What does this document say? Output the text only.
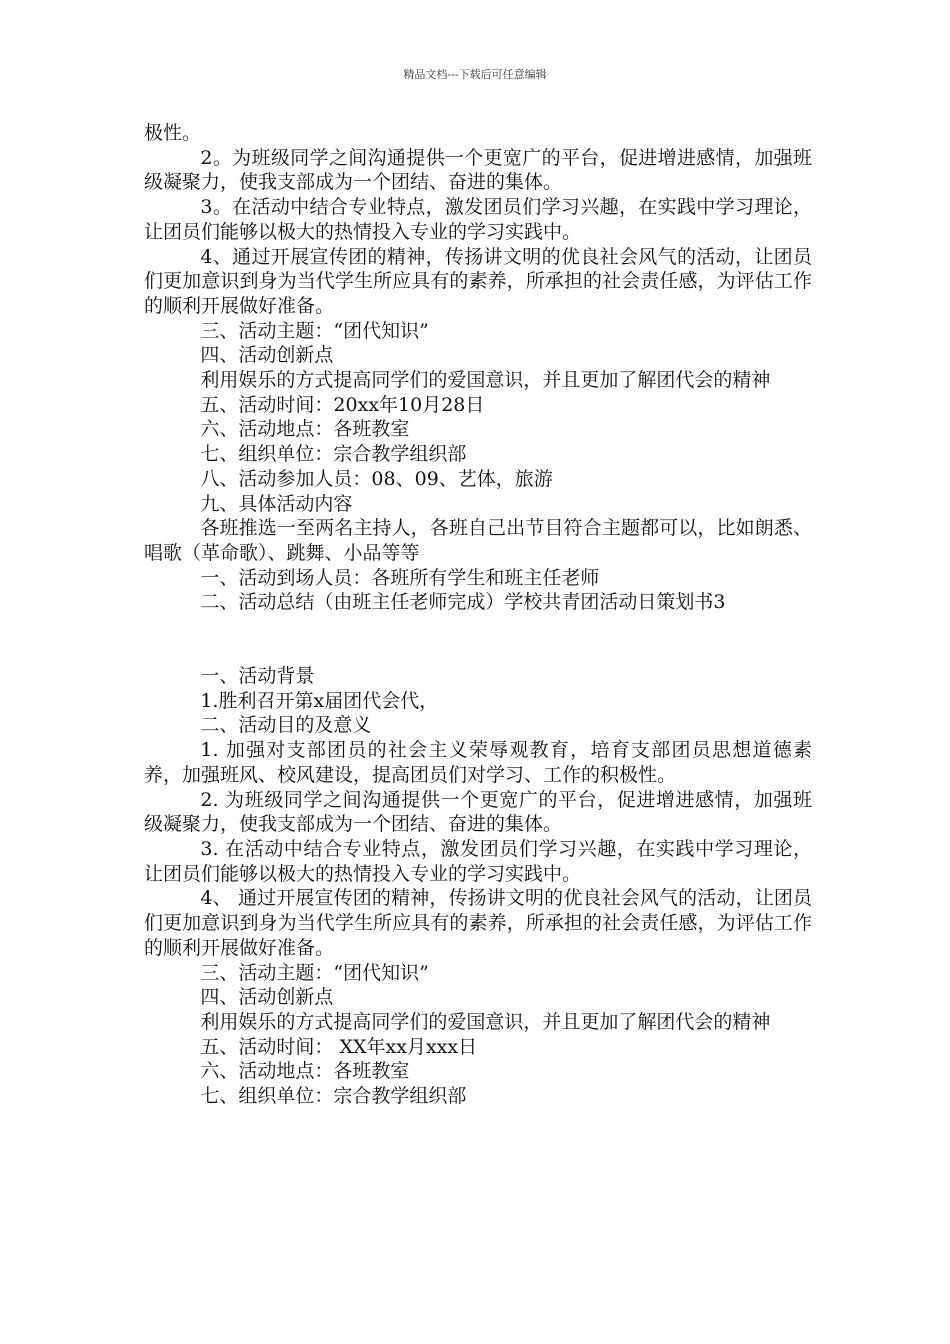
精品文档---下载后可任意编辑

极性。

2。为班级同学之间沟通提供一个更宽广的平台，促进增进感情，加强班级凝聚力，使我支部成为一个团结、奋进的集体。

3。在活动中结合专业特点，激发团员们学习兴趣，在实践中学习理论，让团员们能够以极大的热情投入专业的学习实践中。

4、通过开展宣传团的精神，传扬讲文明的优良社会风气的活动，让团员们更加意识到身为当代学生所应具有的素养，所承担的社会责任感，为评估工作的顺利开展做好准备。

三、活动主题：“团代知识”

四、活动创新点

利用娱乐的方式提高同学们的爱国意识，并且更加了解团代会的精神

五、活动时间：20xx年10月28日

六、活动地点：各班教室

七、组织单位：宗合教学组织部

八、活动参加人员：08、09、艺体，旅游

九、具体活动内容

各班推选一至两名主持人，各班自己出节目符合主题都可以，比如朗悉、唱歌（革命歌）、跳舞、小品等等

一、活动到场人员：各班所有学生和班主任老师

二、活动总结（由班主任老师完成）学校共青团活动日策划书3

一、活动背景

1.胜利召开第x届团代会代，

二、活动目的及意义

1. 加强对支部团员的社会主义荣辱观教育，培育支部团员思想道德素养，加强班风、校风建设，提高团员们对学习、工作的积极性。

2. 为班级同学之间沟通提供一个更宽广的平台，促进增进感情，加强班级凝聚力，使我支部成为一个团结、奋进的集体。

3. 在活动中结合专业特点，激发团员们学习兴趣，在实践中学习理论，让团员们能够以极大的热情投入专业的学习实践中。

4、 通过开展宣传团的精神，传扬讲文明的优良社会风气的活动，让团员们更加意识到身为当代学生所应具有的素养，所承担的社会责任感，为评估工作的顺利开展做好准备。

三、活动主题：“团代知识”

四、活动创新点

利用娱乐的方式提高同学们的爱国意识，并且更加了解团代会的精神

五、活动时间： XX年xx月xxx日

六、活动地点：各班教室

七、组织单位：宗合教学组织部
